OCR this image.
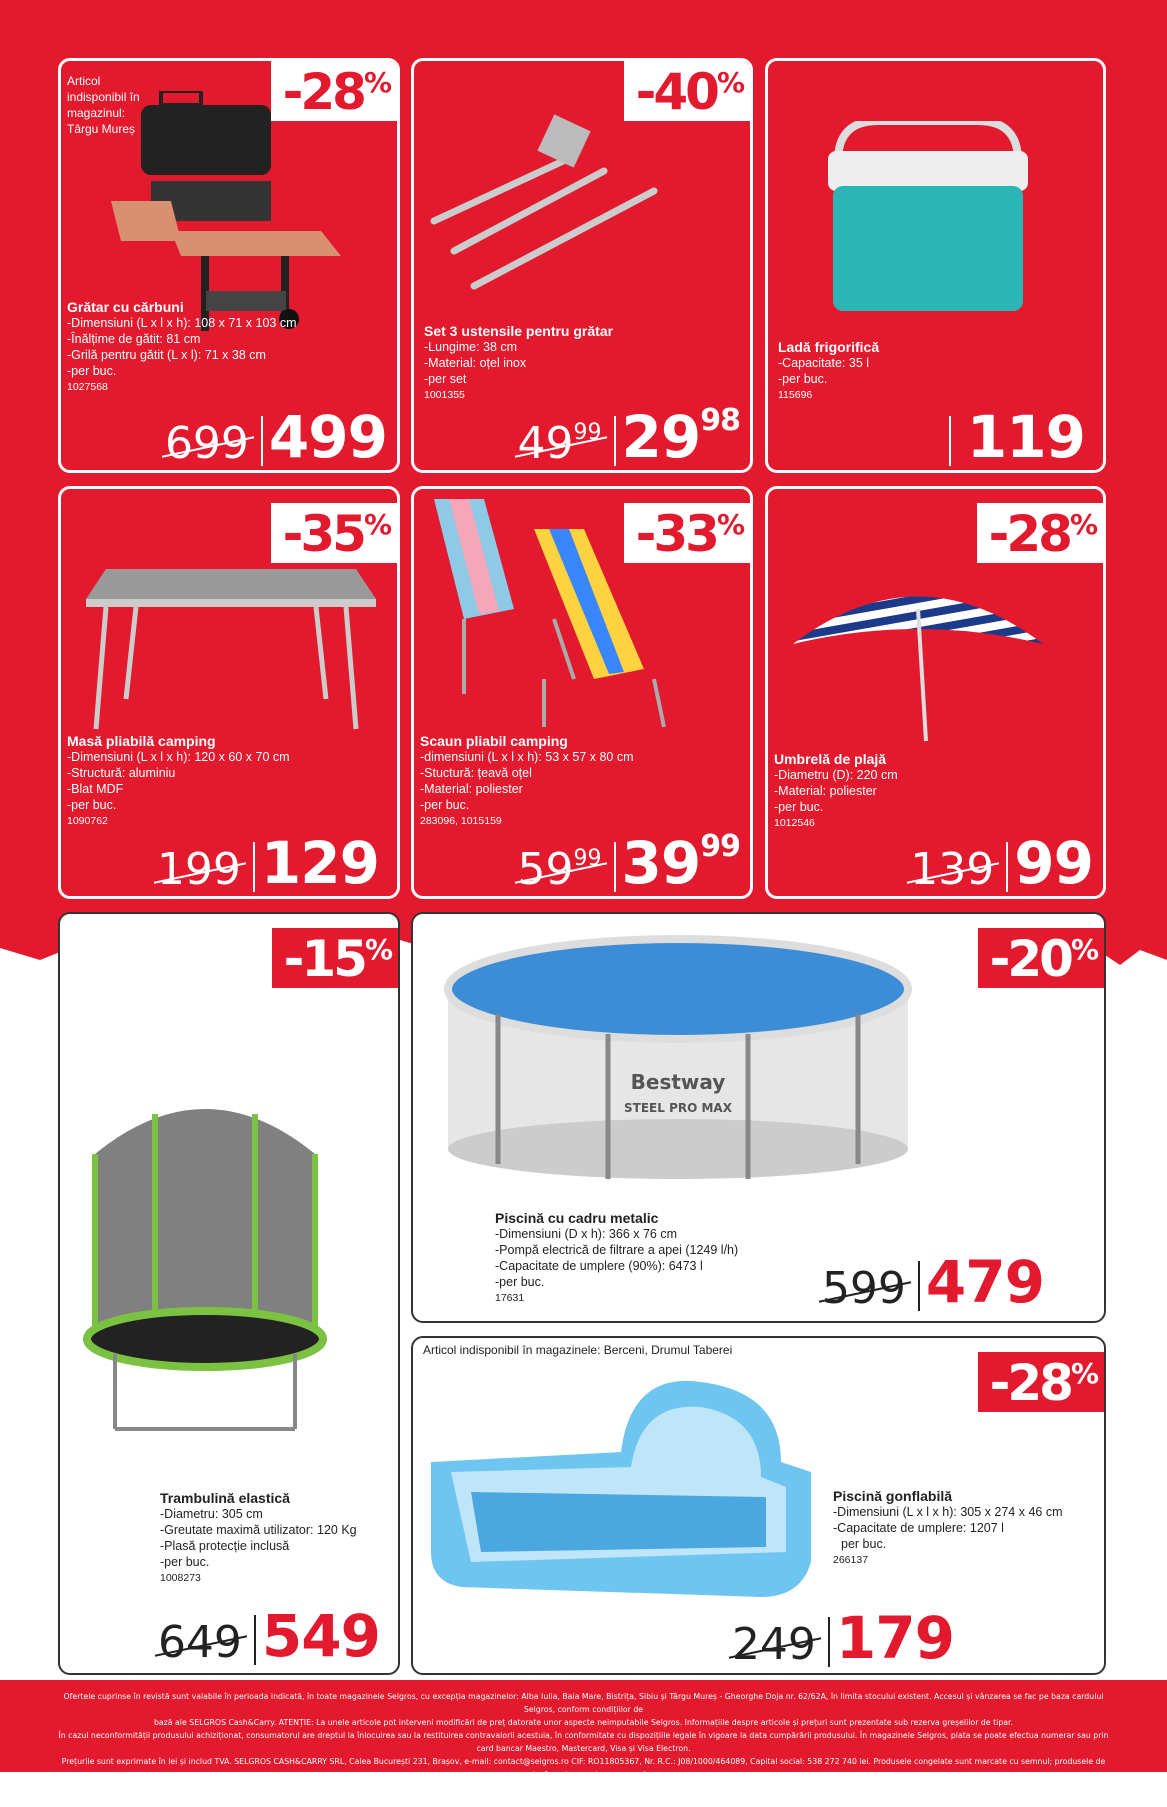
Articol indisponibil în magazinul: Târgu Mureș
-28%
Grătar cu cărbuni
-Dimensiuni (L x l x h): 108 x 71 x 103 cm
-Înălțime de gătit: 81 cm
-Grilă pentru gătit (L x l): 71 x 38 cm
-per buc.
1027568
699 499
-40%
Set 3 ustensile pentru grătar
-Lungime: 38 cm
-Material: oțel inox
-per set
1001355
$49^{99}$ $29^{98}$
Ladă frigorifică
-Capacitate: 35 l
-per buc.
115696
119
-35%
Masă pliabilă camping
-Dimensiuni (L x l x h): 120 x 60 x 70 cm
-Structură: aluminiu
-Blat MDF
-per buc.
1090762
199 129
-33%
Scaun pliabil camping
-dimensiuni (L x l x h): 53 x 57 x 80 cm
-Stuctură: țeavă oțel
-Material: poliester
-per buc.
283096, 1015159
$59^{99}$ $39^{99}$
-28%
Umbrelă de plajă
-Diametru (D): 220 cm
-Material: poliester
-per buc.
1012546
139 99
-15%
Trambulină elastică
-Diametru: 305 cm
-Greutate maximă utilizator: 120 Kg
-Plasă protecție inclusă
-per buc.
1008273
649 549
-20%
Bestway
STEEL PRO MAX
Piscină cu cadru metalic
-Dimensiuni (D x h): 366 x 76 cm
-Pompă electrică de filtrare a apei (1249 l/h)
-Capacitate de umplere (90%): 6473 l
-per buc.
17631	599 479
Articol indisponibil în magazinele: Berceni, Drumul Taberei
-28%
Piscină gonflabilă
-Dimensiuni (L x l x h): 305 x 274 x 46 cm
-Capacitate de umplere: 1207 l
per buc.
266137
249 179
Ofertele cuprinse în revistă sunt valabile în perioada indicată, în toate magazinele Selgros, cu excepția magazinelor: Alba Iulia, Baia Mare, Bistrița, Sibiu și Târgu Mureș - Gheorghe Doja nr. 62/62A, în limita stocului existent. Accesul și vânzarea se fac pe baza cardului Selgros, conform condițiilor de
bază ale SELGROS Cash&Carry. ATENȚIE: La unele articole pot interveni modificări de preț datorate unor aspecte neimputabile Selgros. Informațiile despre articole și prețuri sunt prezentate sub rezerva greșelilor de tipar.
În cazul neconformității produsului achiziționat, consumatorul are dreptul la înlocuirea sau la restituirea contravalorii acestuia, în conformitate cu dispozițiile legale în vigoare la data cumpărării produsului. În magazinele Selgros, plata se poate efectua numerar sau prin card bancar Maestro, Mastercard, Visa și Visa Electron.
Prețurile sunt exprimate în lei și includ TVA. SELGROS CASH&CARRY SRL, Calea București 231, Brașov, e-mail: contact@selgros.ro CIF: RO11805367, Nr. R.C.: J08/1000/464089, Capital social: 538 272 740 lei. Produsele congelate sunt marcate cu semnul; produsele de captură sunt marcate cu semnul.
Transportul produselor marcate cu semnul este gratuit în interiorul orașului cu magazin Selgros, până la adresa indicată de cumpărător și include numai descărcarea produselor din autovehiculul de transport. Pentru transportul în afara localității, vă rugăm să solicitați detalii în magazin.
